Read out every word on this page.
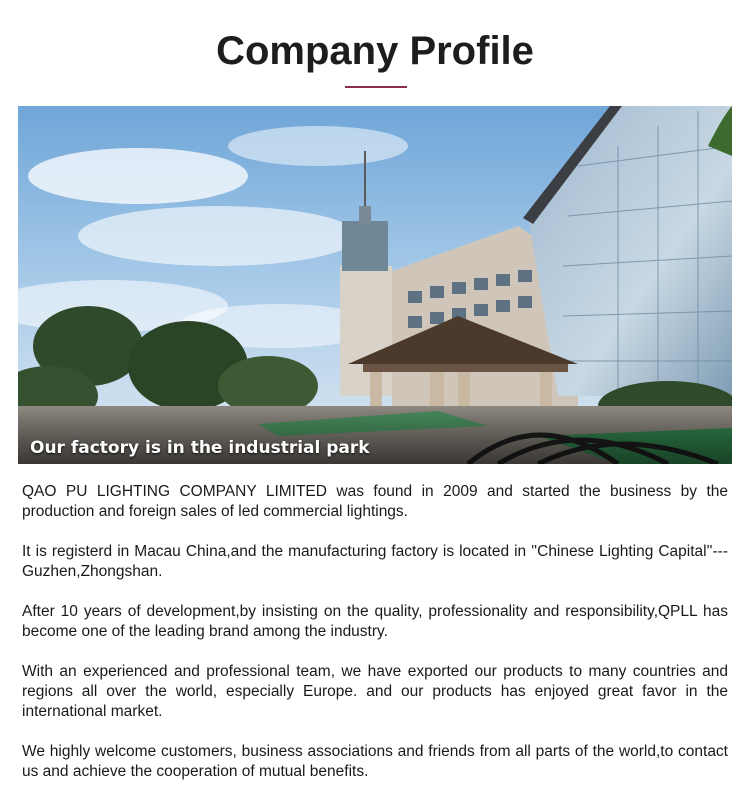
Company Profile
Our factory is in the industrial park

QAO PU LIGHTING COMPANY LIMITED was found in 2009 and started the business by the production and foreign sales of led commercial lightings.

It is registerd in Macau China,and the manufacturing factory is located in ''Chinese Lighting Capital''---Guzhen,Zhongshan.

After 10 years of development,by insisting on the quality, professionality and responsibility,QPLL has become one of the leading brand among the industry.

With an experienced and professional team, we have exported our products to many countries and regions all over the world, especially Europe. and our products has enjoyed great favor in the international market.

We highly welcome customers, business associations and friends from all parts of the world,to contact us and achieve the cooperation of mutual benefits.
